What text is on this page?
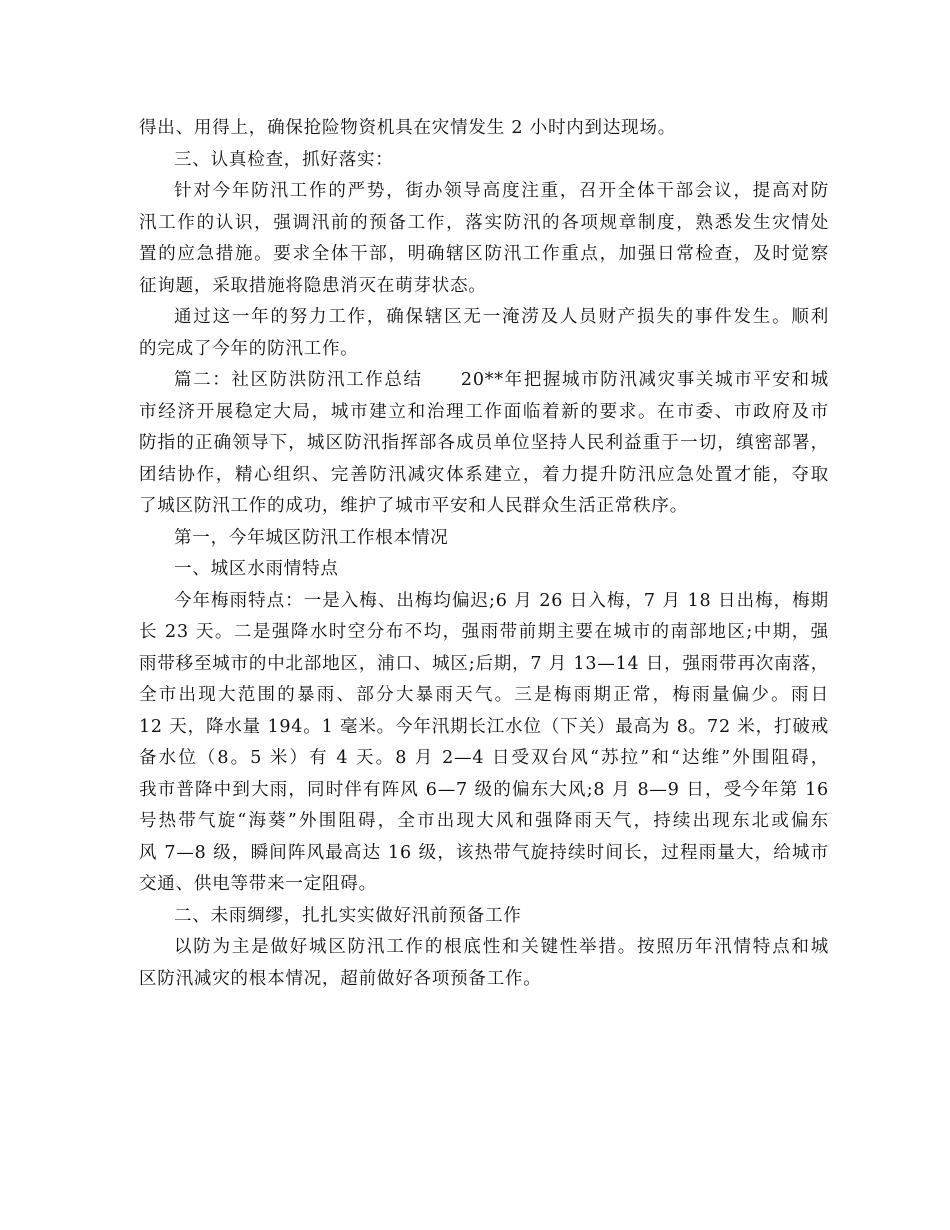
得出、用得上，确保抢险物资机具在灾情发生 2 小时内到达现场。

三、认真检查，抓好落实：

针对今年防汛工作的严势，街办领导高度注重，召开全体干部会议，提高对防
汛工作的认识，强调汛前的预备工作，落实防汛的各项规章制度，熟悉发生灾情处
置的应急措施。要求全体干部，明确辖区防汛工作重点，加强日常检查，及时觉察
征询题，采取措施将隐患消灭在萌芽状态。

通过这一年的努力工作，确保辖区无一淹涝及人员财产损失的事件发生。顺利
的完成了今年的防汛工作。

篇二：社区防洪防汛工作总结　　20**年把握城市防汛减灾事关城市平安和城
市经济开展稳定大局，城市建立和治理工作面临着新的要求。在市委、市政府及市
防指的正确领导下，城区防汛指挥部各成员单位坚持人民利益重于一切，缜密部署，
团结协作，精心组织、完善防汛减灾体系建立，着力提升防汛应急处置才能，夺取
了城区防汛工作的成功，维护了城市平安和人民群众生活正常秩序。

第一，今年城区防汛工作根本情况

一、城区水雨情特点

今年梅雨特点：一是入梅、出梅均偏迟;6 月 26 日入梅，7 月 18 日出梅，梅期
长 23 天。二是强降水时空分布不均，强雨带前期主要在城市的南部地区;中期，强
雨带移至城市的中北部地区，浦口、城区;后期，7 月 13—14 日，强雨带再次南落，
全市出现大范围的暴雨、部分大暴雨天气。三是梅雨期正常，梅雨量偏少。雨日
12 天，降水量 194。1 毫米。今年汛期长江水位（下关）最高为 8。72 米，打破戒
备水位（8。5 米）有 4 天。8 月 2—4 日受双台风“苏拉”和“达维”外围阻碍，
我市普降中到大雨，同时伴有阵风 6—7 级的偏东大风;8 月 8—9 日，受今年第 16
号热带气旋“海葵”外围阻碍，全市出现大风和强降雨天气，持续出现东北或偏东
风 7—8 级，瞬间阵风最高达 16 级，该热带气旋持续时间长，过程雨量大，给城市
交通、供电等带来一定阻碍。

二、未雨绸缪，扎扎实实做好汛前预备工作

以防为主是做好城区防汛工作的根底性和关键性举措。按照历年汛情特点和城
区防汛减灾的根本情况，超前做好各项预备工作。
